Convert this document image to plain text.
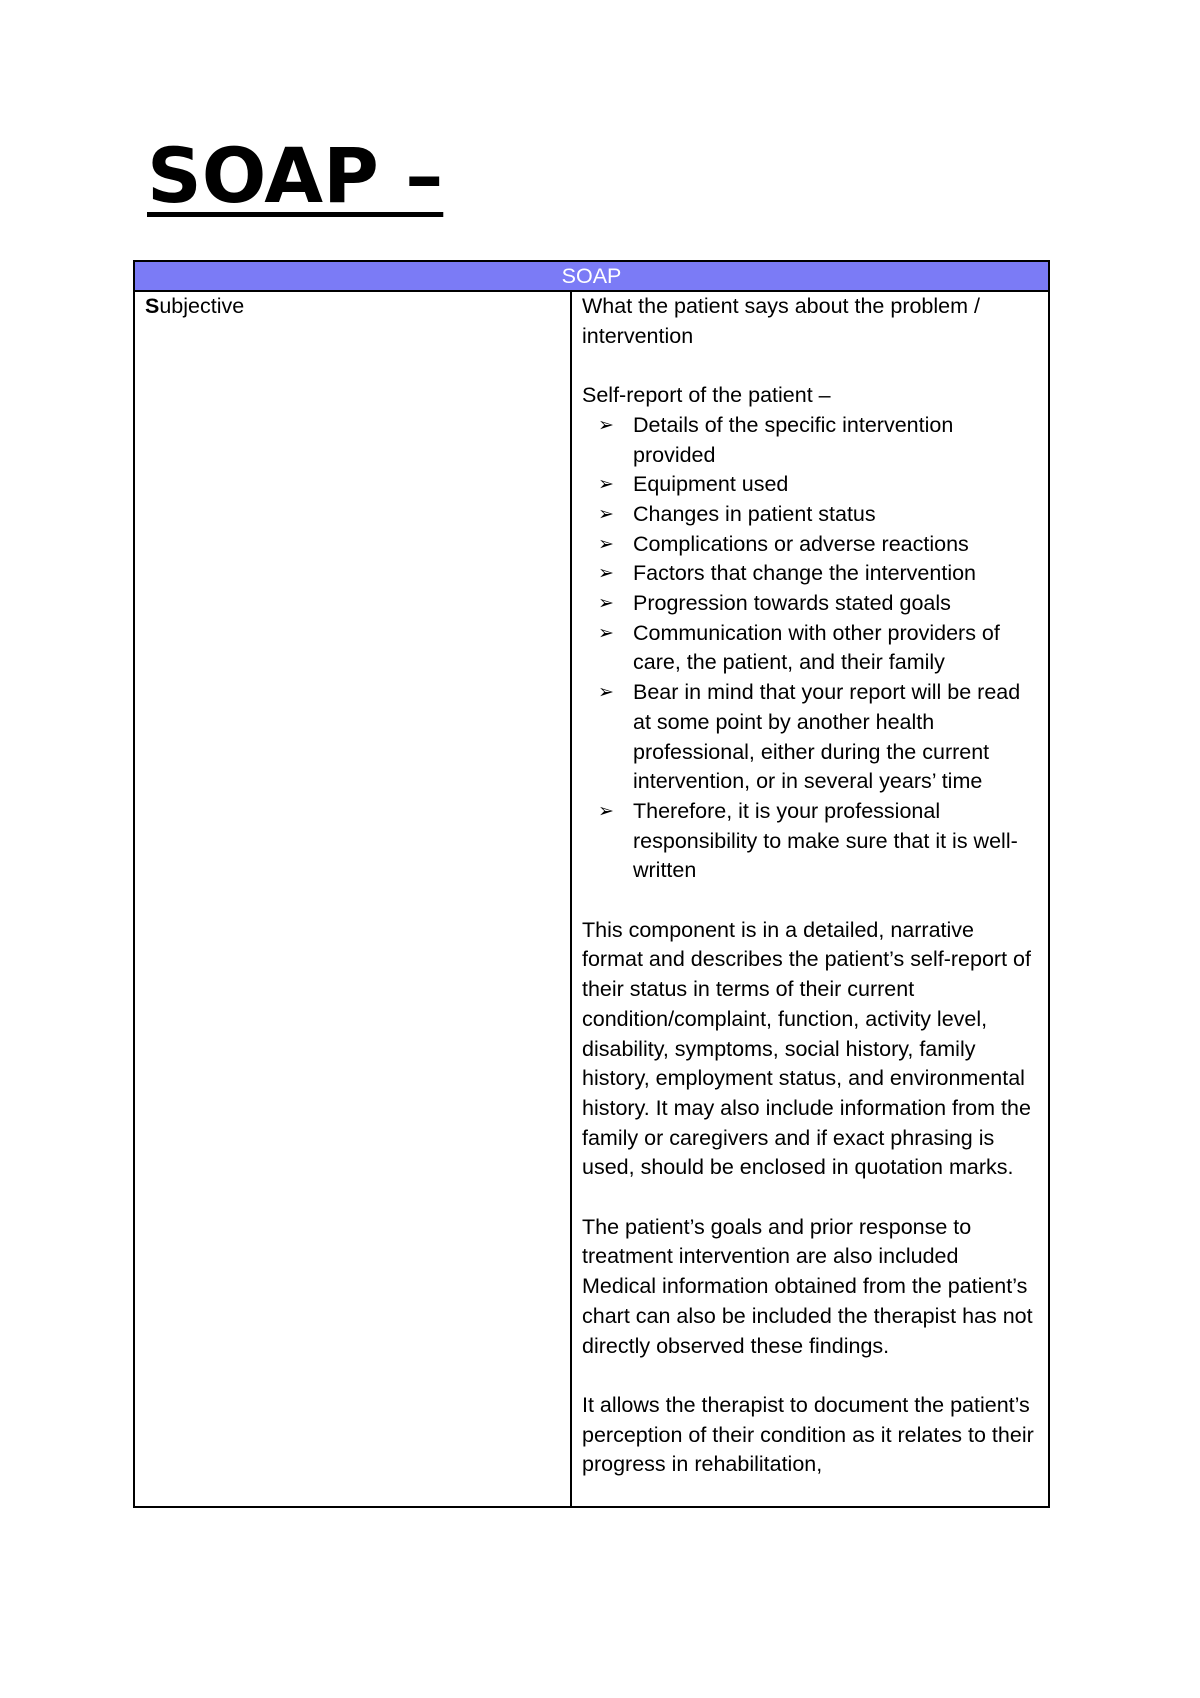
SOAP –
SOAP
Subjective	What the patient says about the problem / intervention

Self-report of the patient –

➢ Details of the specific intervention provided
➢ Equipment used
➢ Changes in patient status
➢ Complications or adverse reactions
➢ Factors that change the intervention
➢ Progression towards stated goals
➢ Communication with other providers of care, the patient, and their family
➢ Bear in mind that your report will be read at some point by another health professional, either during the current intervention, or in several years’ time
➢ Therefore, it is your professional responsibility to make sure that it is well-written

This component is in a detailed, narrative format and describes the patient’s self-report of their status in terms of their current condition/complaint, function, activity level, disability, symptoms, social history, family history, employment status, and environmental history. It may also include information from the family or caregivers and if exact phrasing is used, should be enclosed in quotation marks.

The patient’s goals and prior response to treatment intervention are also included Medical information obtained from the patient’s chart can also be included the therapist has not directly observed these findings.

It allows the therapist to document the patient’s perception of their condition as it relates to their progress in rehabilitation,
